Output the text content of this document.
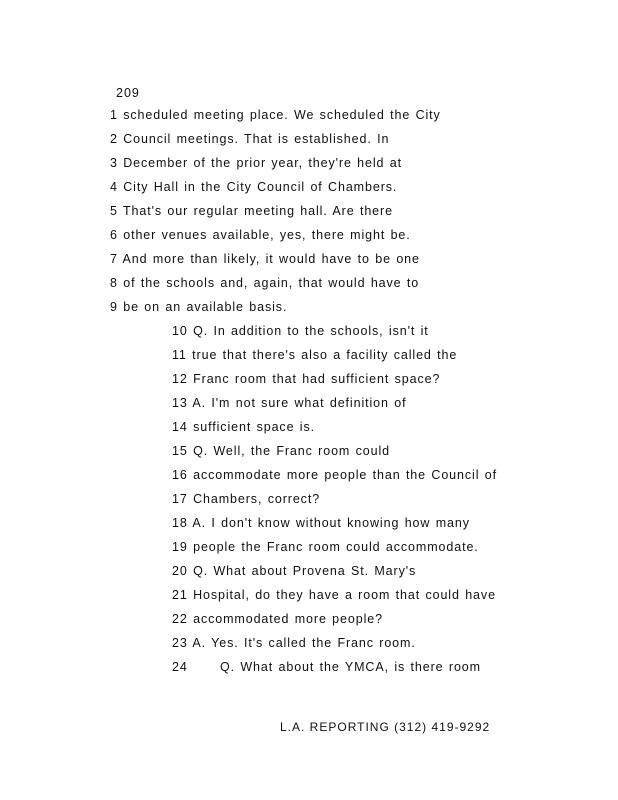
209
1 scheduled meeting place. We scheduled the City
2 Council meetings. That is established. In
3 December of the prior year, they're held at
4 City Hall in the City Council of Chambers.
5 That's our regular meeting hall. Are there
6 other venues available, yes, there might be.
7 And more than likely, it would have to be one
8 of the schools and, again, that would have to
9 be on an available basis.
10 Q. In addition to the schools, isn't it
11 true that there's also a facility called the
12 Franc room that had sufficient space?
13 A. I'm not sure what definition of
14 sufficient space is.
15 Q. Well, the Franc room could
16 accommodate more people than the Council of
17 Chambers, correct?
18 A. I don't know without knowing how many
19 people the Franc room could accommodate.
20 Q. What about Provena St. Mary's
21 Hospital, do they have a room that could have
22 accommodated more people?
23 A. Yes. It's called the Franc room.
24	Q. What about the YMCA, is there room
L.A. REPORTING (312) 419-9292
